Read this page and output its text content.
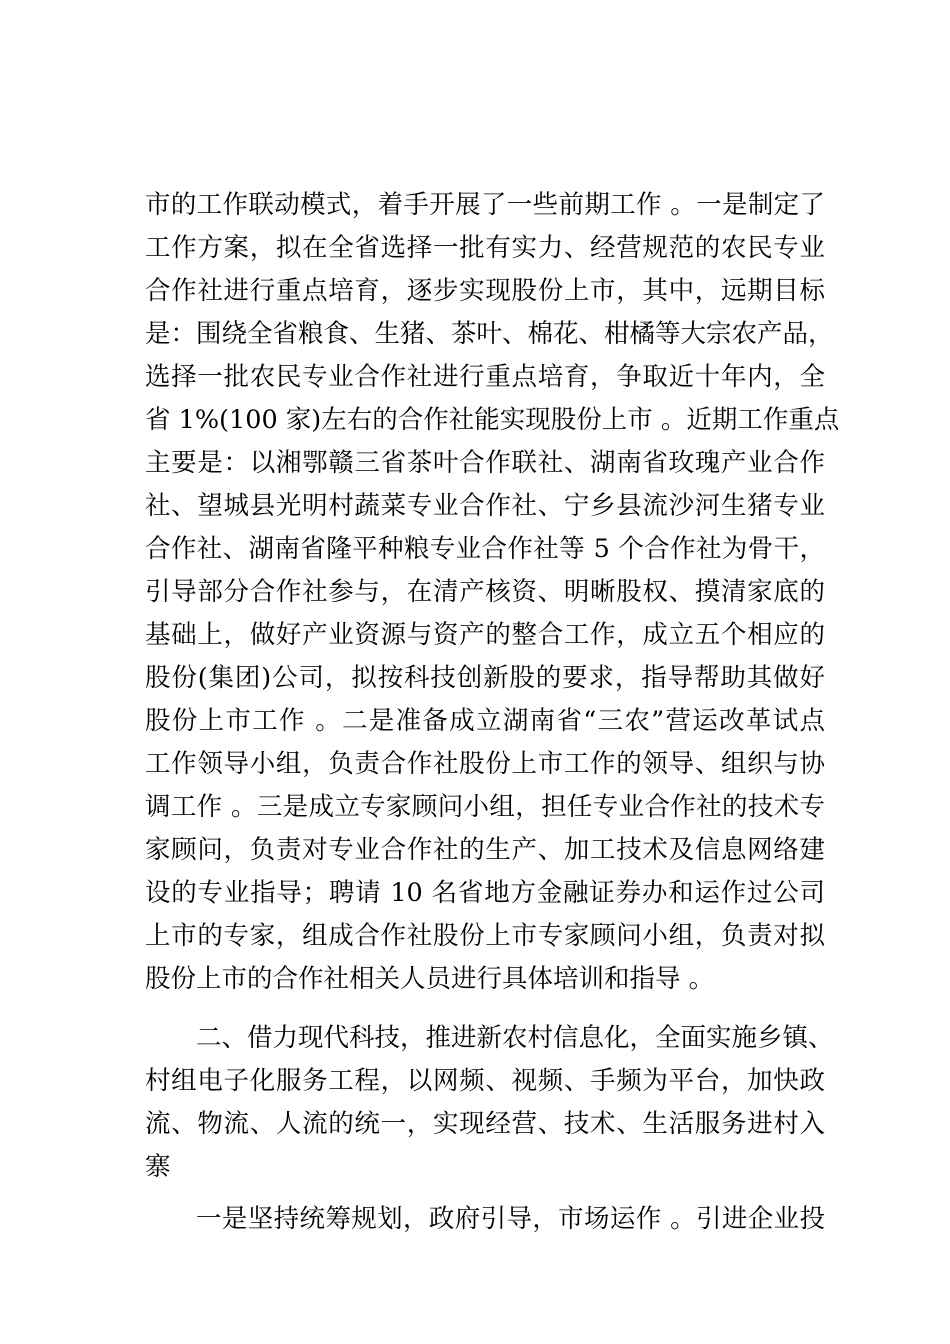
市的工作联动模式，着手开展了一些前期工作 。一是制定了
工作方案，拟在全省选择一批有实力、经营规范的农民专业
合作社进行重点培育，逐步实现股份上市，其中，远期目标
是：围绕全省粮食、生猪、茶叶、棉花、柑橘等大宗农产品，
选择一批农民专业合作社进行重点培育，争取近十年内，全
省 1%(100 家)左右的合作社能实现股份上市 。近期工作重点
主要是：以湘鄂赣三省茶叶合作联社、湖南省玫瑰产业合作
社、望城县光明村蔬菜专业合作社、宁乡县流沙河生猪专业
合作社、湖南省隆平种粮专业合作社等 5 个合作社为骨干，
引导部分合作社参与，在清产核资、明晰股权、摸清家底的
基础上，做好产业资源与资产的整合工作，成立五个相应的
股份(集团)公司，拟按科技创新股的要求，指导帮助其做好
股份上市工作 。二是准备成立湖南省“三农”营运改革试点
工作领导小组，负责合作社股份上市工作的领导、组织与协
调工作 。三是成立专家顾问小组，担任专业合作社的技术专
家顾问，负责对专业合作社的生产、加工技术及信息网络建
设的专业指导；聘请 10 名省地方金融证券办和运作过公司
上市的专家，组成合作社股份上市专家顾问小组，负责对拟
股份上市的合作社相关人员进行具体培训和指导 。
二、借力现代科技，推进新农村信息化，全面实施乡镇、
村组电子化服务工程，以网频、视频、手频为平台，加快政
流、物流、人流的统一，实现经营、技术、生活服务进村入
寨
一是坚持统筹规划，政府引导，市场运作 。引进企业投
